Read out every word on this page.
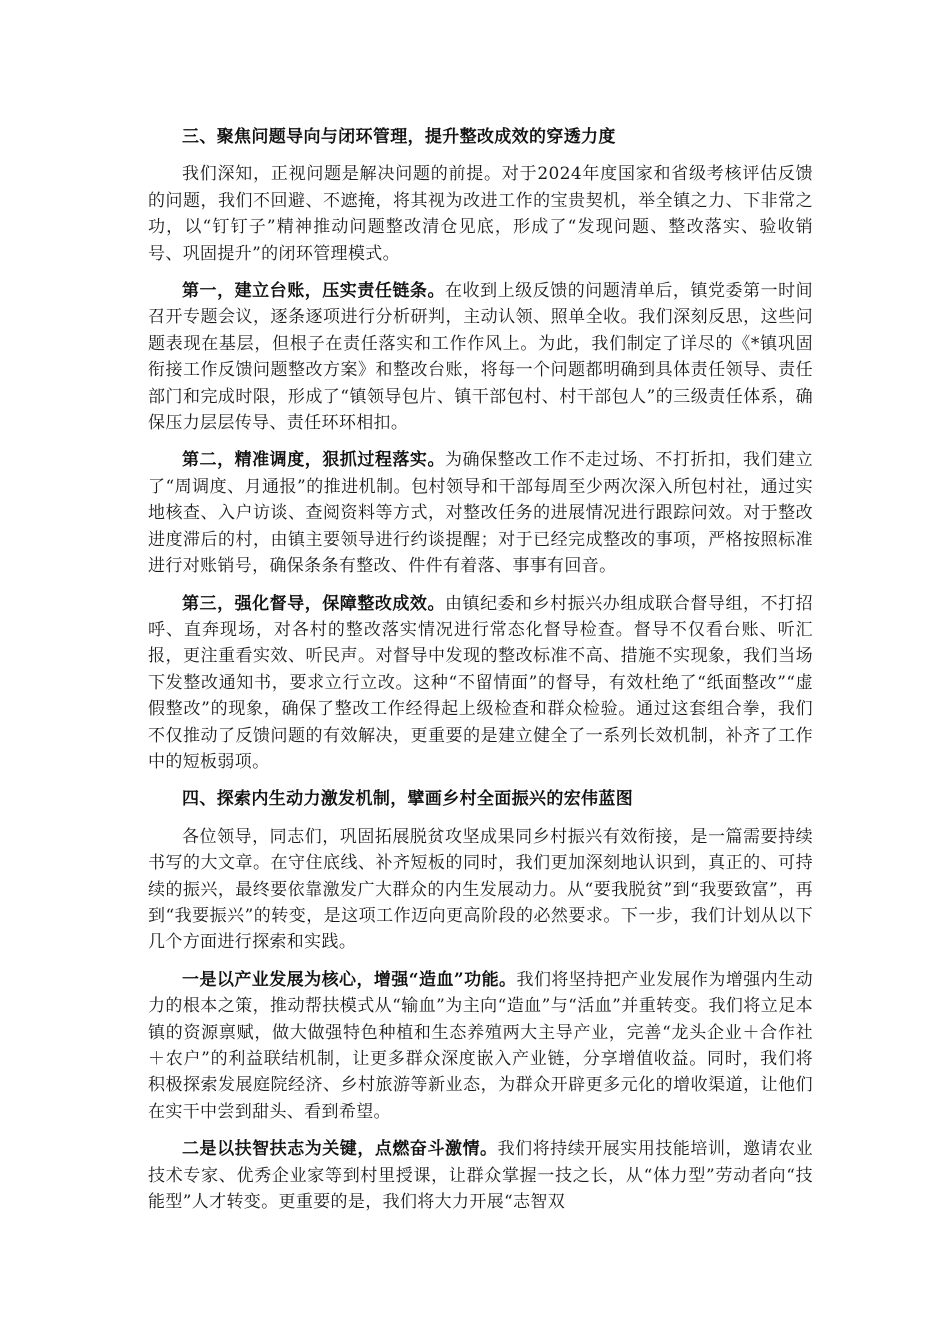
三、聚焦问题导向与闭环管理，提升整改成效的穿透力度

我们深知，正视问题是解决问题的前提。对于2024年度国家和省级考核评估反馈的问题，我们不回避、不遮掩，将其视为改进工作的宝贵契机，举全镇之力、下非常之功，以“钉钉子”精神推动问题整改清仓见底，形成了“发现问题、整改落实、验收销号、巩固提升”的闭环管理模式。

第一，建立台账，压实责任链条。在收到上级反馈的问题清单后，镇党委第一时间召开专题会议，逐条逐项进行分析研判，主动认领、照单全收。我们深刻反思，这些问题表现在基层，但根子在责任落实和工作作风上。为此，我们制定了详尽的《*镇巩固衔接工作反馈问题整改方案》和整改台账，将每一个问题都明确到具体责任领导、责任部门和完成时限，形成了“镇领导包片、镇干部包村、村干部包人”的三级责任体系，确保压力层层传导、责任环环相扣。

第二，精准调度，狠抓过程落实。为确保整改工作不走过场、不打折扣，我们建立了“周调度、月通报”的推进机制。包村领导和干部每周至少两次深入所包村社，通过实地核查、入户访谈、查阅资料等方式，对整改任务的进展情况进行跟踪问效。对于整改进度滞后的村，由镇主要领导进行约谈提醒；对于已经完成整改的事项，严格按照标准进行对账销号，确保条条有整改、件件有着落、事事有回音。

第三，强化督导，保障整改成效。由镇纪委和乡村振兴办组成联合督导组，不打招呼、直奔现场，对各村的整改落实情况进行常态化督导检查。督导不仅看台账、听汇报，更注重看实效、听民声。对督导中发现的整改标准不高、措施不实现象，我们当场下发整改通知书，要求立行立改。这种“不留情面”的督导，有效杜绝了“纸面整改”“虚假整改”的现象，确保了整改工作经得起上级检查和群众检验。通过这套组合拳，我们不仅推动了反馈问题的有效解决，更重要的是建立健全了一系列长效机制，补齐了工作中的短板弱项。

四、探索内生动力激发机制，擘画乡村全面振兴的宏伟蓝图

各位领导，同志们，巩固拓展脱贫攻坚成果同乡村振兴有效衔接，是一篇需要持续书写的大文章。在守住底线、补齐短板的同时，我们更加深刻地认识到，真正的、可持续的振兴，最终要依靠激发广大群众的内生发展动力。从“要我脱贫”到“我要致富”，再到“我要振兴”的转变，是这项工作迈向更高阶段的必然要求。下一步，我们计划从以下几个方面进行探索和实践。

一是以产业发展为核心，增强“造血”功能。我们将坚持把产业发展作为增强内生动力的根本之策，推动帮扶模式从“输血”为主向“造血”与“活血”并重转变。我们将立足本镇的资源禀赋，做大做强特色种植和生态养殖两大主导产业，完善“龙头企业＋合作社＋农户”的利益联结机制，让更多群众深度嵌入产业链，分享增值收益。同时，我们将积极探索发展庭院经济、乡村旅游等新业态，为群众开辟更多元化的增收渠道，让他们在实干中尝到甜头、看到希望。

二是以扶智扶志为关键，点燃奋斗激情。我们将持续开展实用技能培训，邀请农业技术专家、优秀企业家等到村里授课，让群众掌握一技之长，从“体力型”劳动者向“技能型”人才转变。更重要的是，我们将大力开展“志智双
